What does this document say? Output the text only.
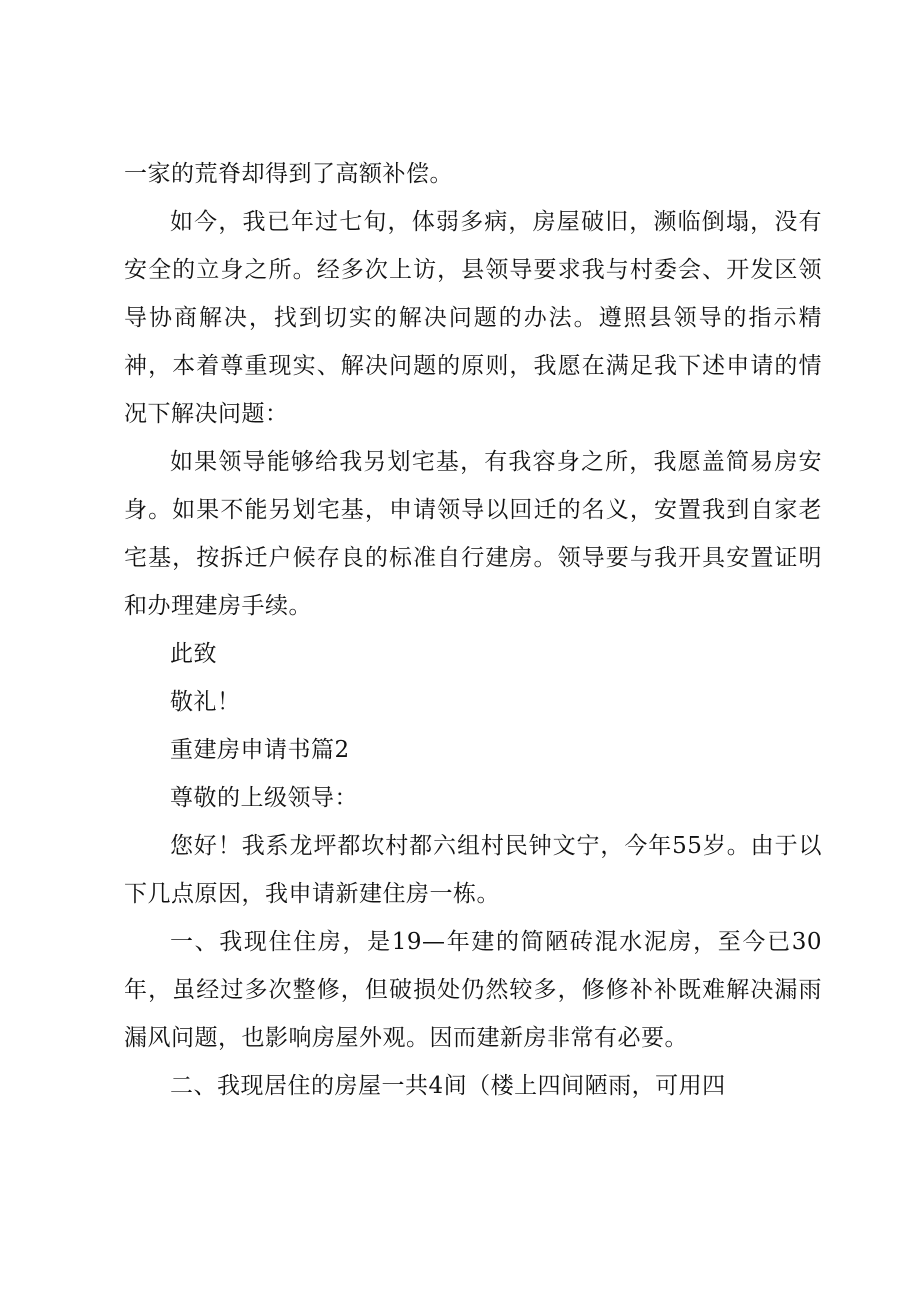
一家的荒脊却得到了高额补偿。

如今，我已年过七旬，体弱多病，房屋破旧，濒临倒塌，没有安全的立身之所。经多次上访，县领导要求我与村委会、开发区领导协商解决，找到切实的解决问题的办法。遵照县领导的指示精神，本着尊重现实、解决问题的原则，我愿在满足我下述申请的情况下解决问题：

如果领导能够给我另划宅基，有我容身之所，我愿盖简易房安身。如果不能另划宅基，申请领导以回迁的名义，安置我到自家老宅基，按拆迁户候存良的标准自行建房。领导要与我开具安置证明和办理建房手续。

此致

敬礼！

重建房申请书篇2

尊敬的上级领导：

您好！我系龙坪都坎村都六组村民钟文宁，今年55岁。由于以下几点原因，我申请新建住房一栋。

一、我现住住房，是19—年建的简陋砖混水泥房，至今已30年，虽经过多次整修，但破损处仍然较多，修修补补既难解决漏雨漏风问题，也影响房屋外观。因而建新房非常有必要。

二、我现居住的房屋一共4间（楼上四间陋雨，可用四
